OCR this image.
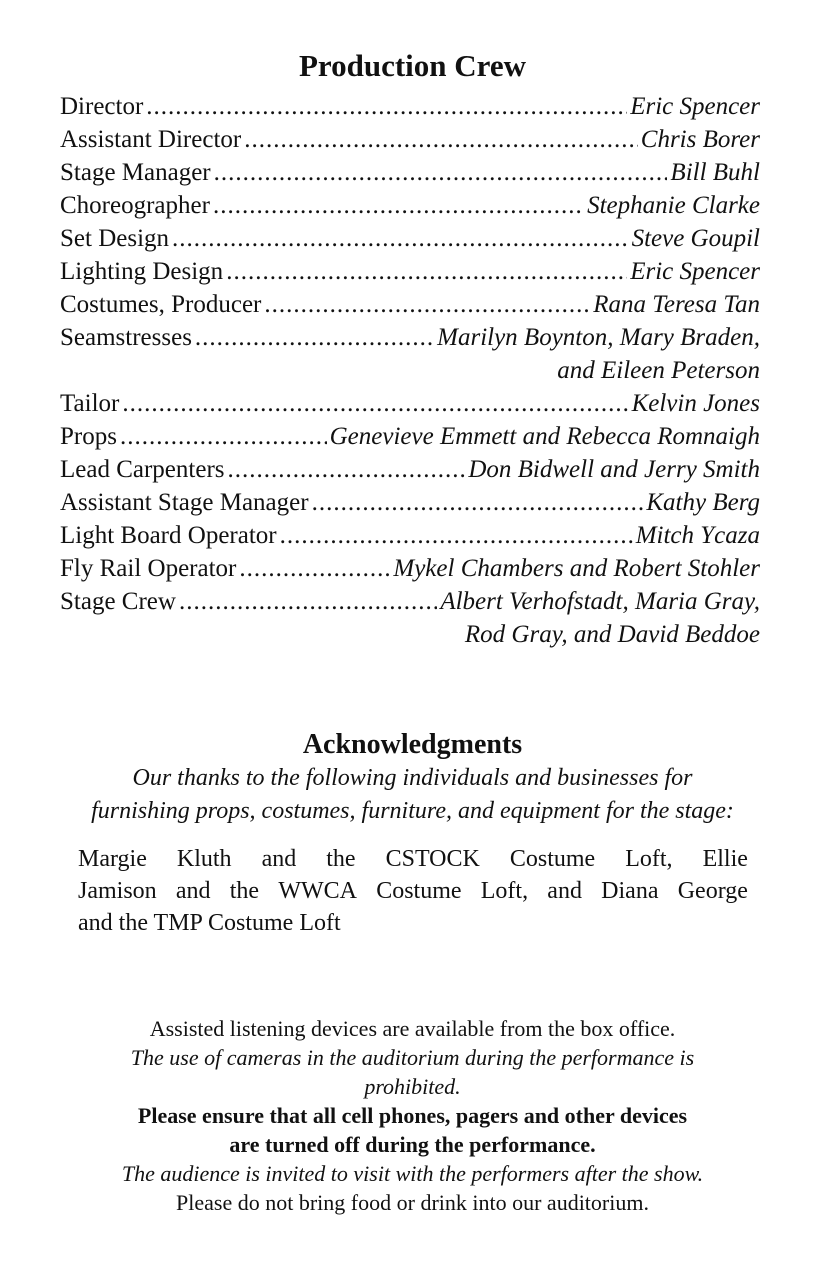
Production Crew
Director .....	Eric Spencer
Assistant Director .....	Chris Borer
Stage Manager .....	Bill Buhl
Choreographer .....	Stephanie Clarke
Set Design .....	Steve Goupil
Lighting Design .....	Eric Spencer
Costumes, Producer .....	Rana Teresa Tan
Seamstresses .....	Marilyn Boynton, Mary Braden,
and Eileen Peterson
Tailor .....	Kelvin Jones
Props .....	Genevieve Emmett and Rebecca Romnaigh
Lead Carpenters .....	Don Bidwell and Jerry Smith
Assistant Stage Manager .....	Kathy Berg
Light Board Operator .....	Mitch Ycaza
Fly Rail Operator .....	Mykel Chambers and Robert Stohler
Stage Crew .....	Albert Verhofstadt, Maria Gray,
Rod Gray, and David Beddoe
Acknowledgments
Our thanks to the following individuals and businesses for
furnishing props, costumes, furniture, and equipment for the stage:
Margie Kluth and the CSTOCK Costume Loft, Ellie
Jamison and the WWCA Costume Loft, and Diana George
and the TMP Costume Loft
Assisted listening devices are available from the box office.
The use of cameras in the auditorium during the performance is
prohibited.
Please ensure that all cell phones, pagers and other devices
are turned off during the performance.
The audience is invited to visit with the performers after the show.
Please do not bring food or drink into our auditorium.
